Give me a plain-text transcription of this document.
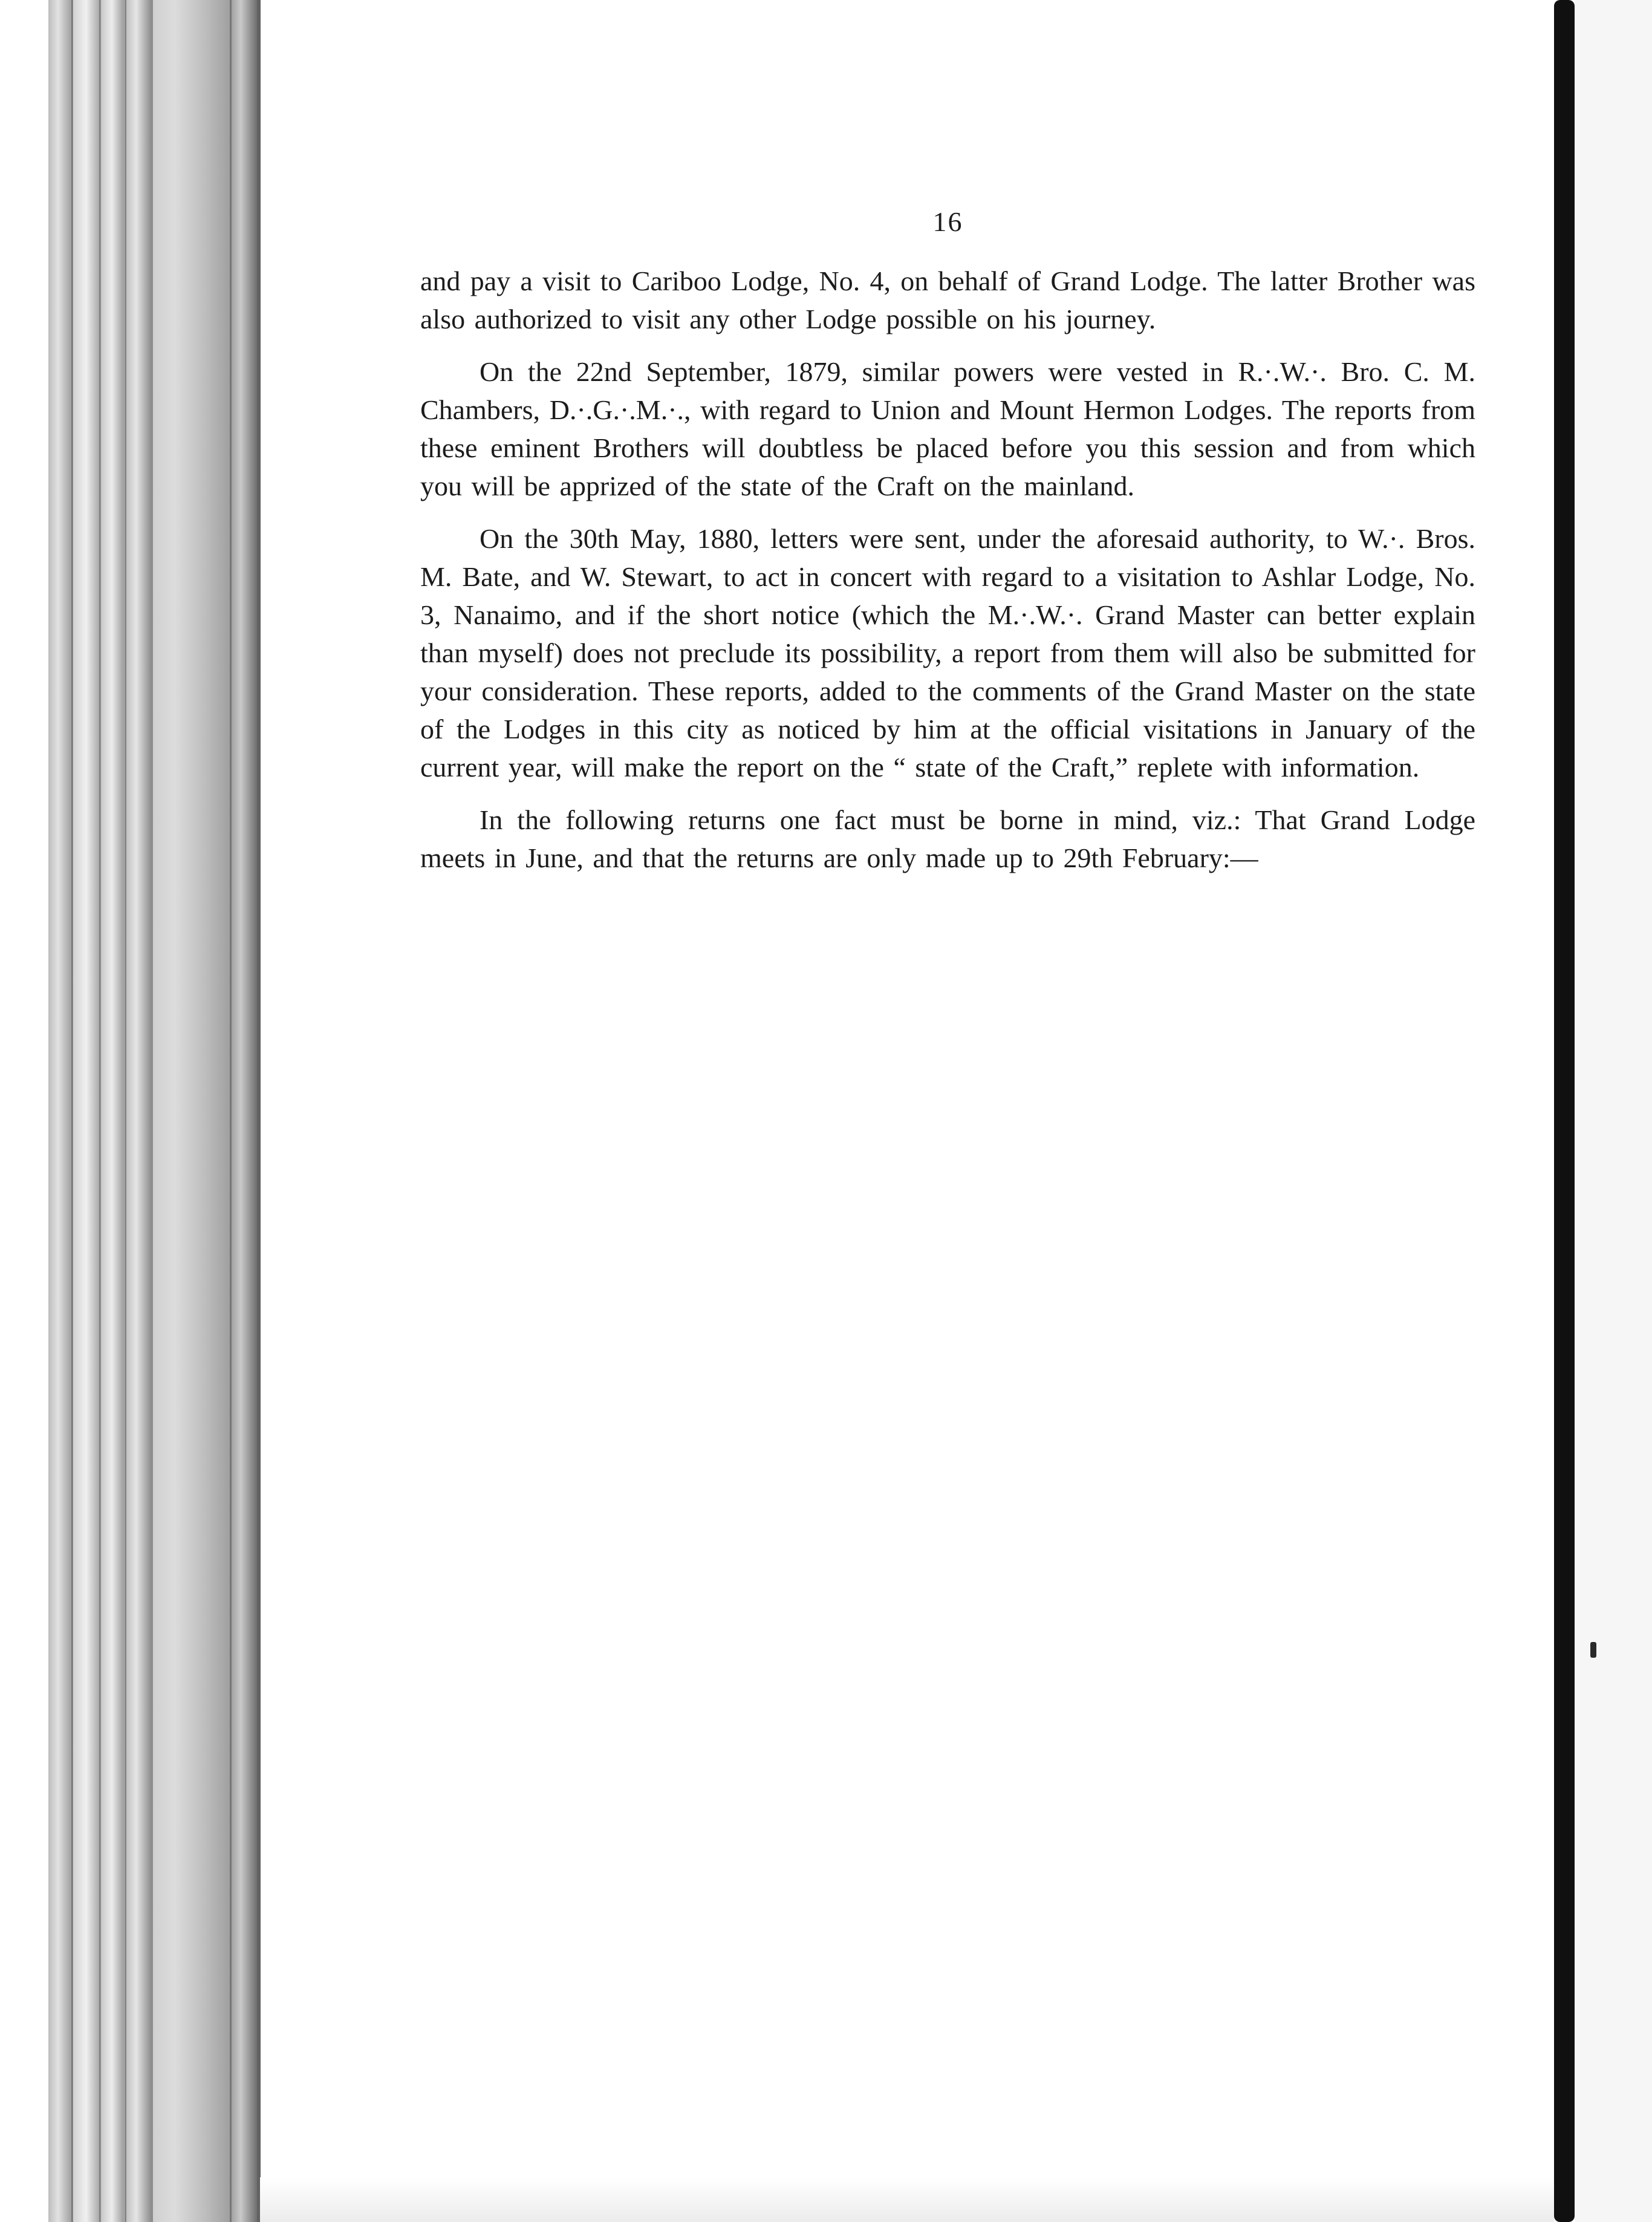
16

and pay a visit to Cariboo Lodge, No. 4, on behalf of Grand Lodge. The latter Brother was also authorized to visit any other Lodge possible on his journey.

On the 22nd September, 1879, similar powers were vested in R.·.W.·. Bro. C. M. Chambers, D.·.G.·.M.·., with regard to Union and Mount Hermon Lodges. The reports from these eminent Brothers will doubtless be placed before you this session and from which you will be apprized of the state of the Craft on the mainland.

On the 30th May, 1880, letters were sent, under the aforesaid authority, to W.·. Bros. M. Bate, and W. Stewart, to act in concert with regard to a visitation to Ashlar Lodge, No. 3, Nanaimo, and if the short notice (which the M.·.W.·. Grand Master can better explain than myself) does not preclude its possibility, a report from them will also be submitted for your consideration. These reports, added to the comments of the Grand Master on the state of the Lodges in this city as noticed by him at the official visitations in January of the current year, will make the report on the “ state of the Craft,” replete with information.

In the following returns one fact must be borne in mind, viz.: That Grand Lodge meets in June, and that the returns are only made up to 29th February:—
